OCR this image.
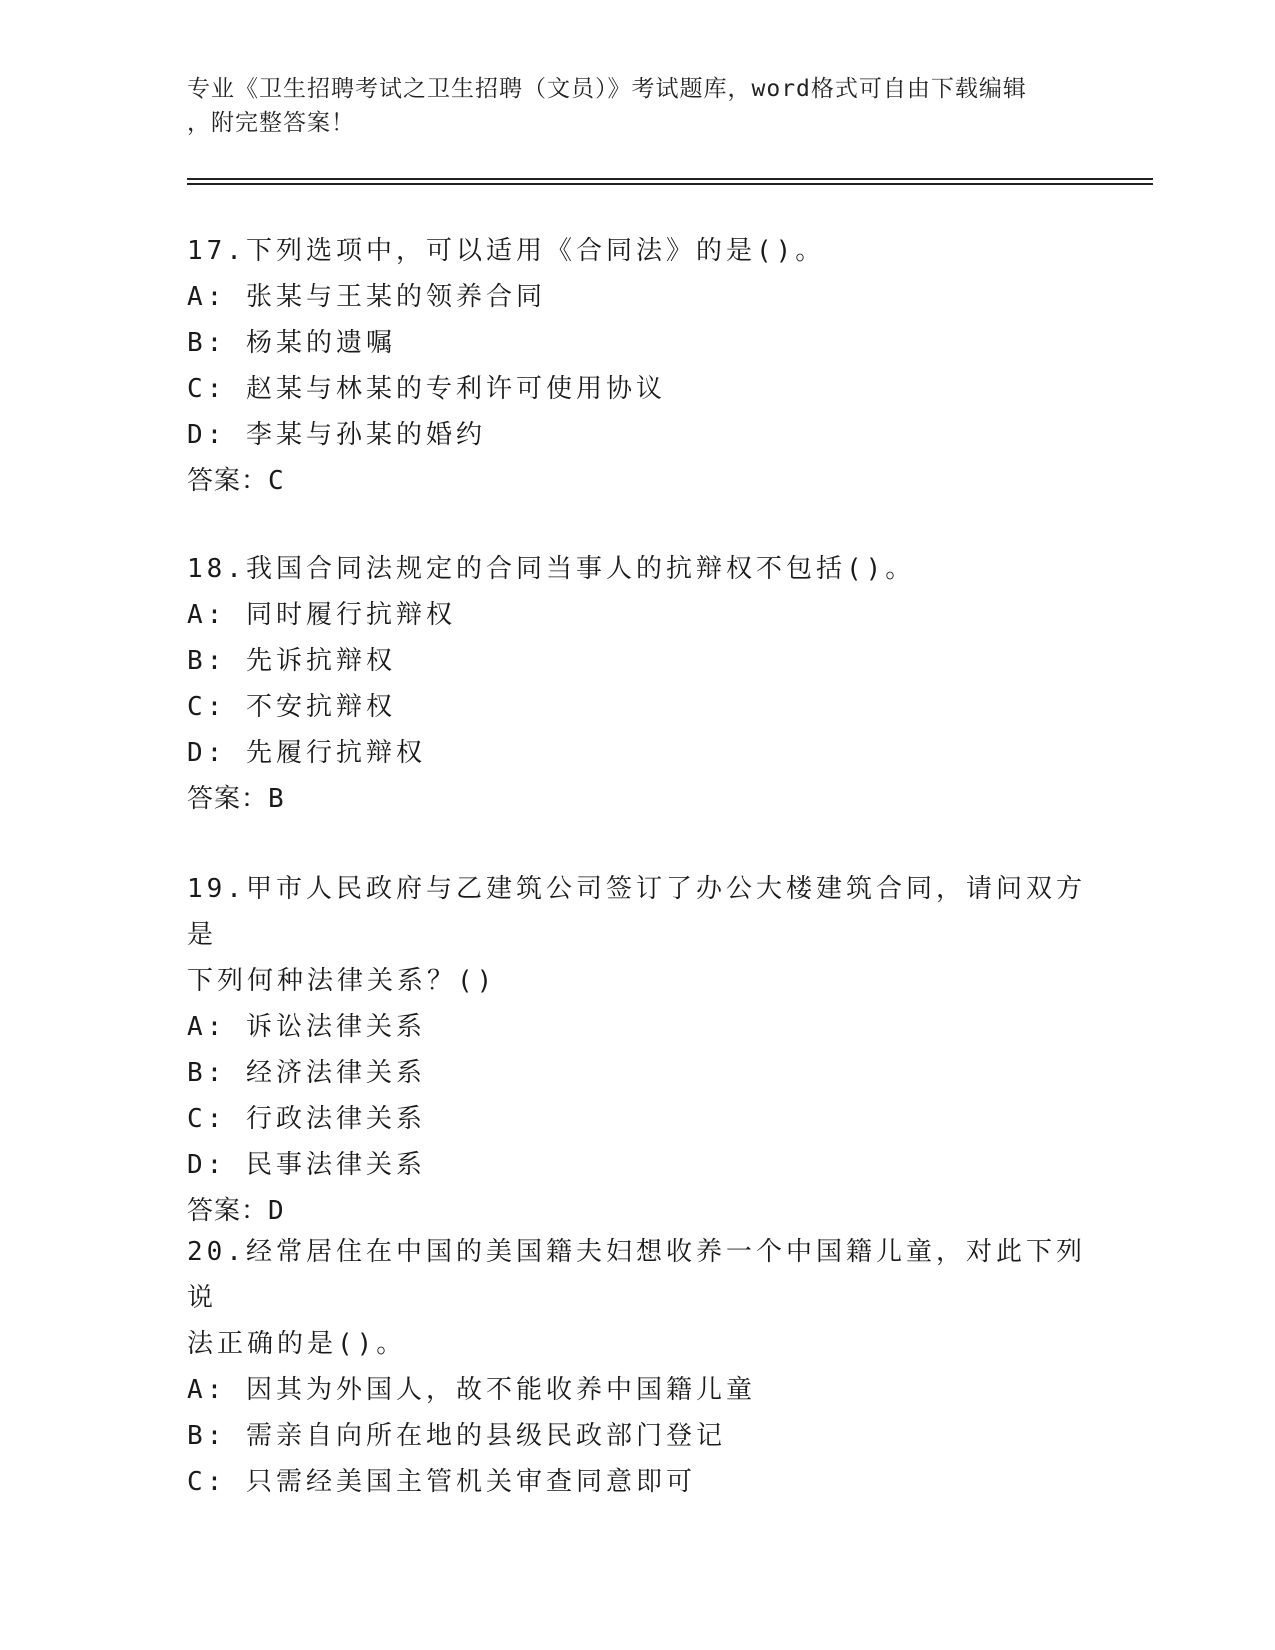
专业《卫生招聘考试之卫生招聘（文员）》考试题库，word格式可自由下载编辑
，附完整答案！

17.下列选项中，可以适用《合同法》的是()。

A: 张某与王某的领养合同

B: 杨某的遗嘱

C: 赵某与林某的专利许可使用协议

D: 李某与孙某的婚约

答案：C

18.我国合同法规定的合同当事人的抗辩权不包括()。

A: 同时履行抗辩权

B: 先诉抗辩权

C: 不安抗辩权

D: 先履行抗辩权

答案：B

19.甲市人民政府与乙建筑公司签订了办公大楼建筑合同，请问双方是

下列何种法律关系？()

A: 诉讼法律关系

B: 经济法律关系

C: 行政法律关系

D: 民事法律关系

答案：D

20.经常居住在中国的美国籍夫妇想收养一个中国籍儿童，对此下列说

法正确的是()。

A: 因其为外国人，故不能收养中国籍儿童

B: 需亲自向所在地的县级民政部门登记

C: 只需经美国主管机关审查同意即可
